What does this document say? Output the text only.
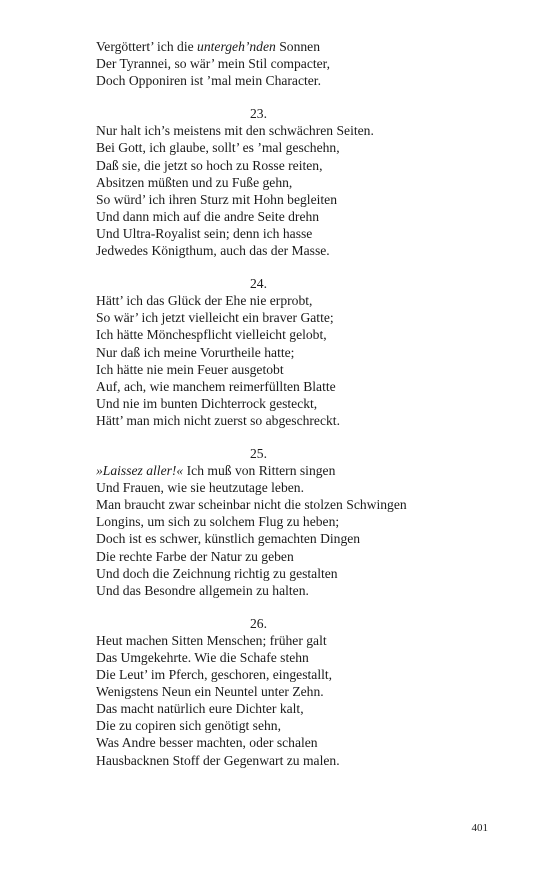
Vergöttert’ ich die untergeh’nden Sonnen
Der Tyrannei, so wär’ mein Stil compacter,
Doch Opponiren ist ’mal mein Character.
23.
Nur halt ich’s meistens mit den schwächren Seiten.
Bei Gott, ich glaube, sollt’ es ’mal geschehn,
Daß sie, die jetzt so hoch zu Rosse reiten,
Absitzen müßten und zu Fuße gehn,
So würd’ ich ihren Sturz mit Hohn begleiten
Und dann mich auf die andre Seite drehn
Und Ultra-Royalist sein; denn ich hasse
Jedwedes Königthum, auch das der Masse.
24.
Hätt’ ich das Glück der Ehe nie erprobt,
So wär’ ich jetzt vielleicht ein braver Gatte;
Ich hätte Mönchespflicht vielleicht gelobt,
Nur daß ich meine Vorurtheile hatte;
Ich hätte nie mein Feuer ausgetobt
Auf, ach, wie manchem reimerfüllten Blatte
Und nie im bunten Dichterrock gesteckt,
Hätt’ man mich nicht zuerst so abgeschreckt.
25.
»Laissez aller!« Ich muß von Rittern singen
Und Frauen, wie sie heutzutage leben.
Man braucht zwar scheinbar nicht die stolzen Schwingen
Longins, um sich zu solchem Flug zu heben;
Doch ist es schwer, künstlich gemachten Dingen
Die rechte Farbe der Natur zu geben
Und doch die Zeichnung richtig zu gestalten
Und das Besondre allgemein zu halten.
26.
Heut machen Sitten Menschen; früher galt
Das Umgekehrte. Wie die Schafe stehn
Die Leut’ im Pferch, geschoren, eingestallt,
Wenigstens Neun ein Neuntel unter Zehn.
Das macht natürlich eure Dichter kalt,
Die zu copiren sich genötigt sehn,
Was Andre besser machten, oder schalen
Hausbacknen Stoff der Gegenwart zu malen.
401
